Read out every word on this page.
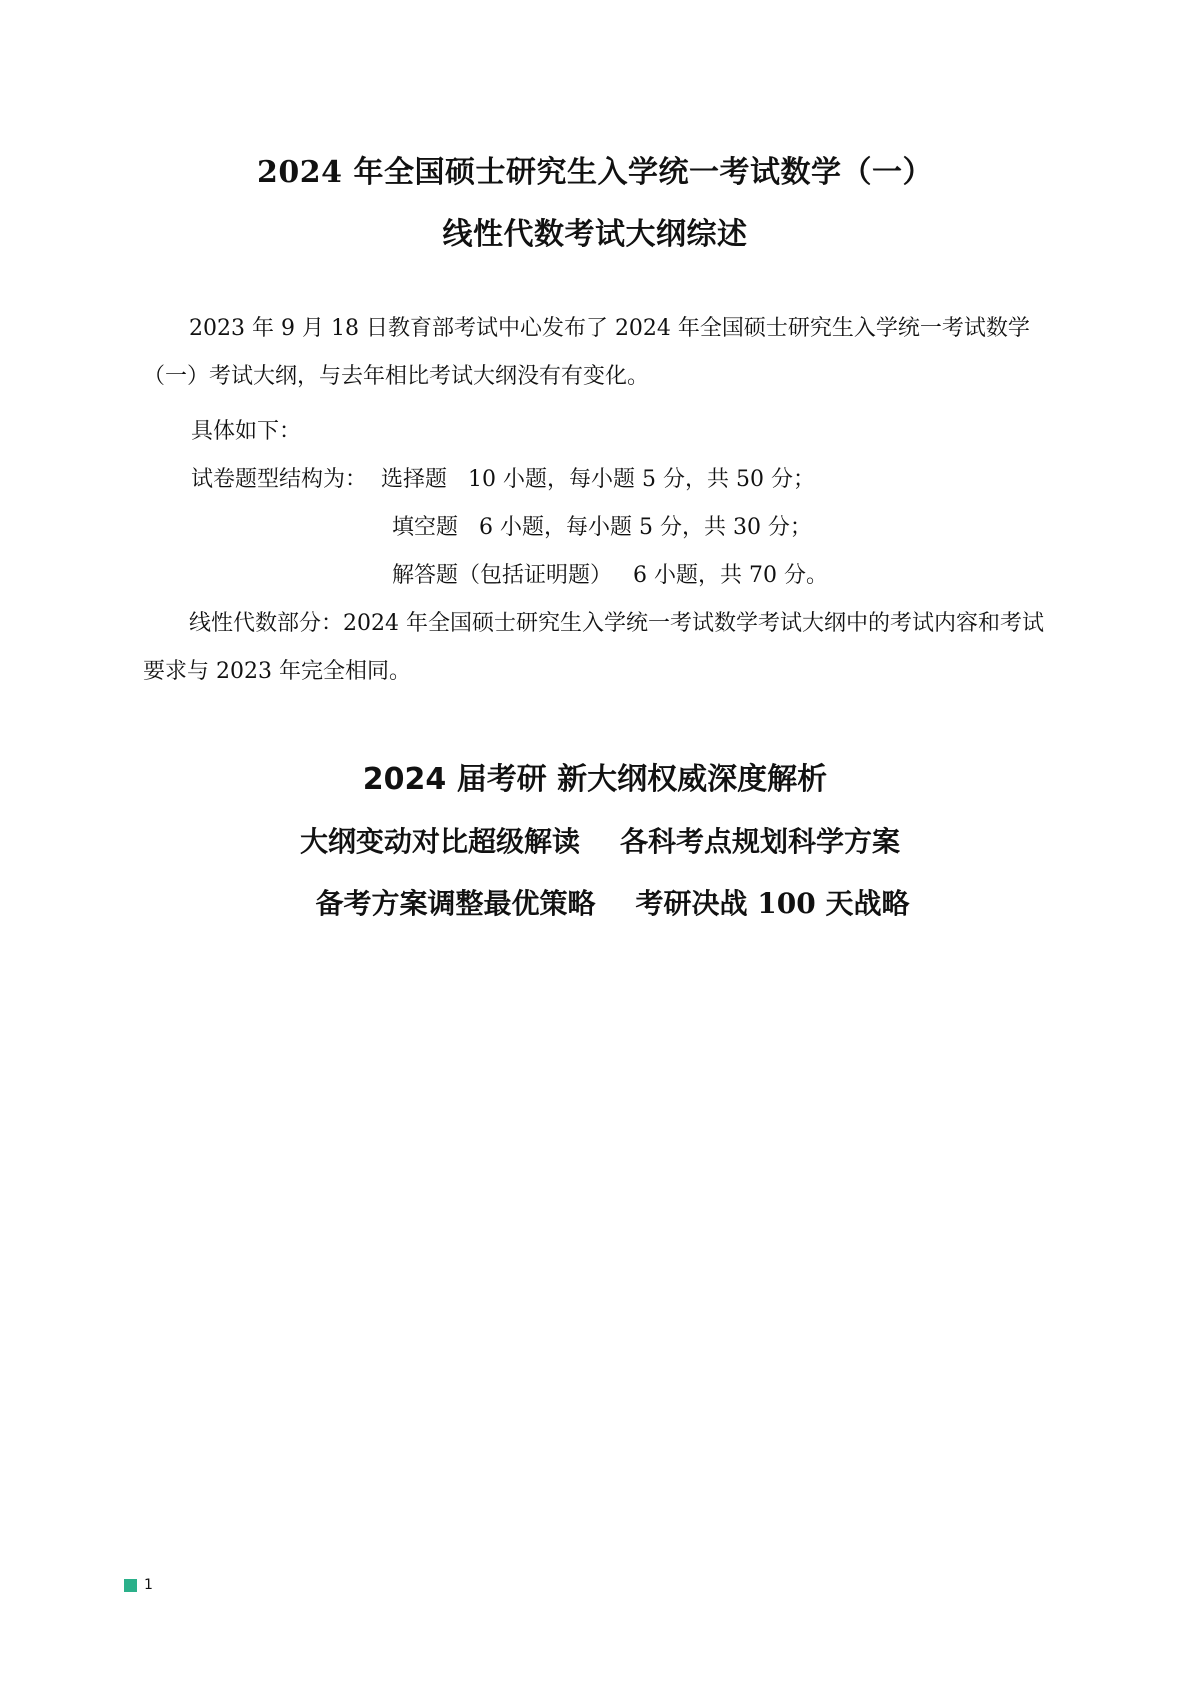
2024 年全国硕士研究生入学统一考试数学（一）
线性代数考试大纲综述
2023 年 9 月 18 日教育部考试中心发布了 2024 年全国硕士研究生入学统一考试数学（一）考试大纲，与去年相比考试大纲没有有变化。
具体如下：
试卷题型结构为： 选择题   10 小题，每小题 5 分，共 50 分；
填空题   6 小题，每小题 5 分，共 30 分；
解答题（包括证明题）   6 小题，共 70 分。
线性代数部分：2024 年全国硕士研究生入学统一考试数学考试大纲中的考试内容和考试要求与 2023 年完全相同。
2024 届考研 新大纲权威深度解析
大纲变动对比超级解读 各科考点规划科学方案
备考方案调整最优策略 考研决战 100 天战略
1
